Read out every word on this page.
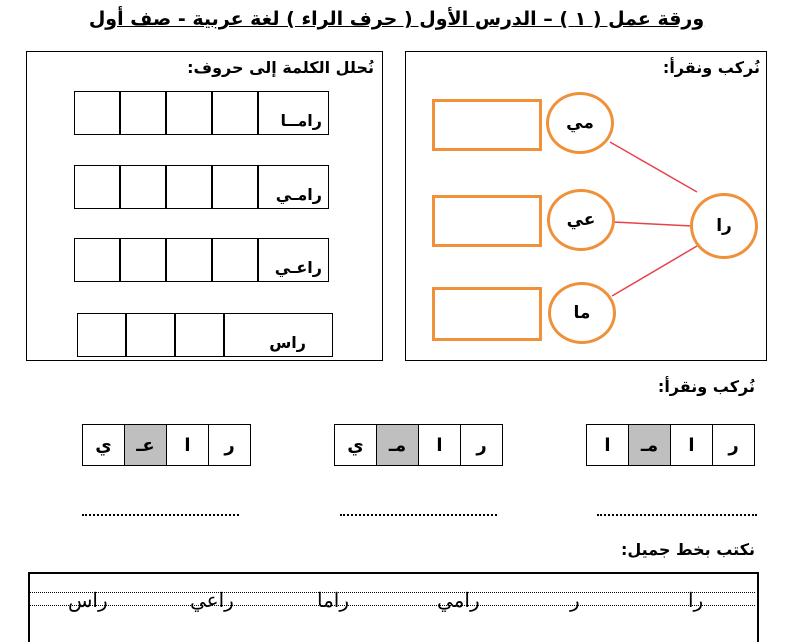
ورقة عمل ( ١ ) – الدرس الأول ( حرف الراء ) لغة عربية - صف أول
نُحلل الكلمة إلى حروف:
رامــا
رامـي
راعـي
راس
نُركب ونقرأ:
مي
عي
ما
را
نُركب ونقرأ:
ر
ا
مـ
ا
ر
ا
مـ
ي
ر
ا
عـ
ي
نكتب بخط جميل:
را
ر
رامي
راما
راعي
راس
